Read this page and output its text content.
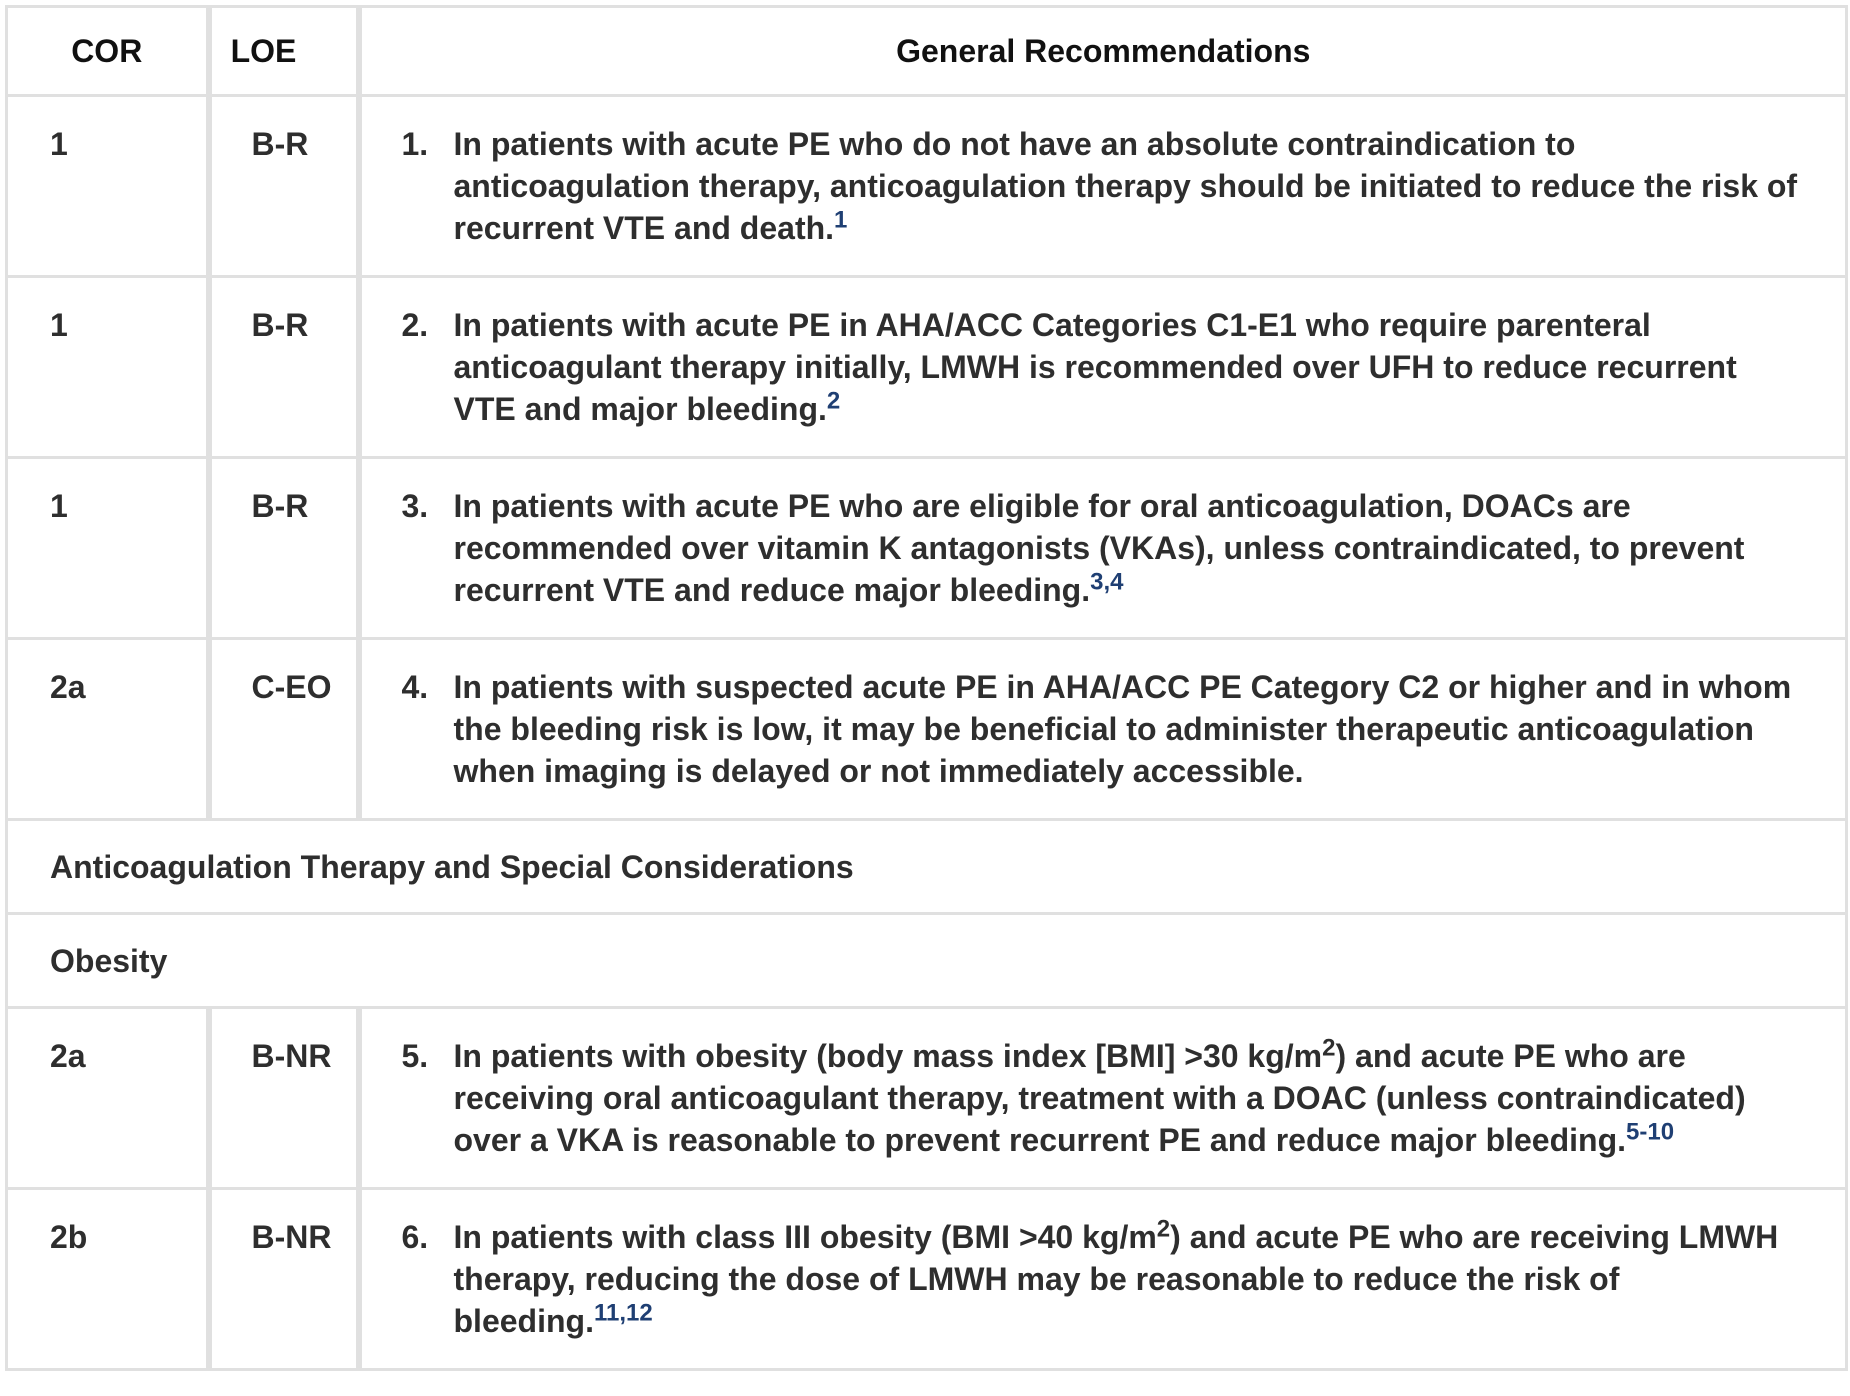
COR	LOE	General Recommendations
1	B-R	1. In patients with acute PE who do not have an absolute contraindication to anticoagulation therapy, anticoagulation therapy should be initiated to reduce the risk of recurrent VTE and death.$^1$

1	B-R	2. In patients with acute PE in AHA/ACC Categories C1-E1 who require parenteral anticoagulant therapy initially, LMWH is recommended over UFH to reduce recurrent VTE and major bleeding.$^2$

1	B-R	3. In patients with acute PE who are eligible for oral anticoagulation, DOACs are recommended over vitamin K antagonists (VKAs), unless contraindicated, to prevent recurrent VTE and reduce major bleeding.$^{3,4}$

2a	C-EO	4. In patients with suspected acute PE in AHA/ACC PE Category C2 or higher and in whom the bleeding risk is low, it may be beneficial to administer therapeutic anticoagulation when imaging is delayed or not immediately accessible.

Anticoagulation Therapy and Special Considerations		
Obesity		
2a	B-NR	5. In patients with obesity (body mass index [BMI] >30 $kg/m^2$) and acute PE who are receiving oral anticoagulant therapy, treatment with a DOAC (unless contraindicated) over a VKA is reasonable to prevent recurrent PE and reduce major bleeding.$^{5-10}$

2b	B-NR	6. In patients with class III obesity (BMI >40 $kg/m^2$) and acute PE who are receiving LMWH therapy, reducing the dose of LMWH may be reasonable to reduce the risk of bleeding.$^{11,12}$
